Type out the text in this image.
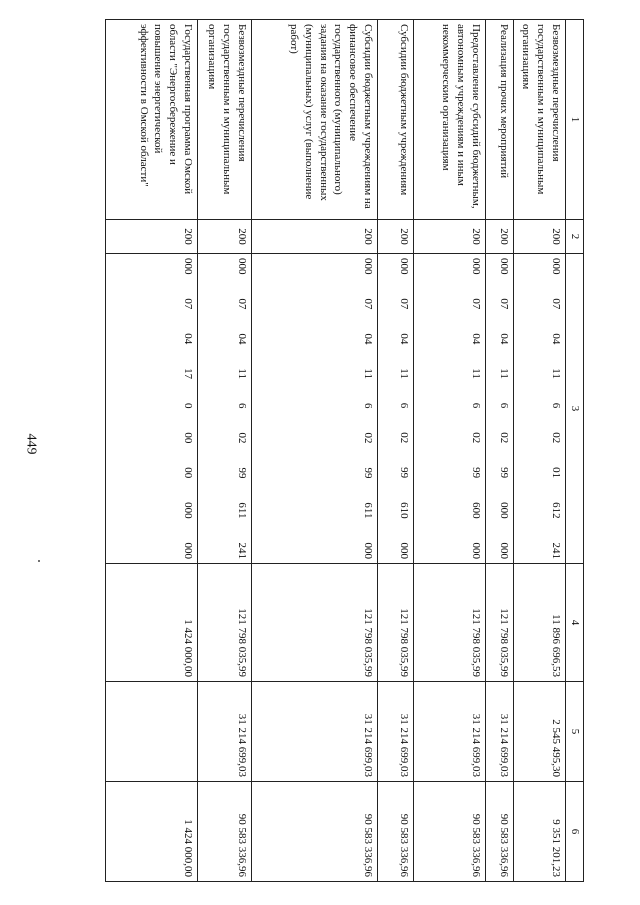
449
1	2	3	4	5	6
Безвозмездные перечисления государственным и муниципальным организациям	200	000 07 04 11 6 02 01 612 241	11 896 696,53	2 545 495,30	9 351 201,23
Реализация прочих мероприятий	200	000 07 04 11 6 02 99 000 000	121 798 035,99	31 214 699,03	90 583 336,96
Предоставление субсидий бюджетным, автономным учреждениям и иным некоммерческим организациям	200	000 07 04 11 6 02 99 600 000	121 798 035,99	31 214 699,03	90 583 336,96
Субсидии бюджетным учреждениям	200	000 07 04 11 6 02 99 610 000	121 798 035,99	31 214 699,03	90 583 336,96
Субсидии бюджетным учреждениям на финансовое обеспечение государственного (муниципального) задания на оказание государственных (муниципальных) услуг (выполнение работ)	200	000 07 04 11 6 02 99 611 000	121 798 035,99	31 214 699,03	90 583 336,96
Безвозмездные перечисления государственным и муниципальным организациям	200	000 07 04 11 6 02 99 611 241	121 798 035,99	31 214 699,03	90 583 336,96
Государственная программа Омской области "Энергосбережение и повышение энергетической эффективности в Омской области"	200	000 07 04 17 0 00 00 000 000	1 424 000,00		1 424 000,00
